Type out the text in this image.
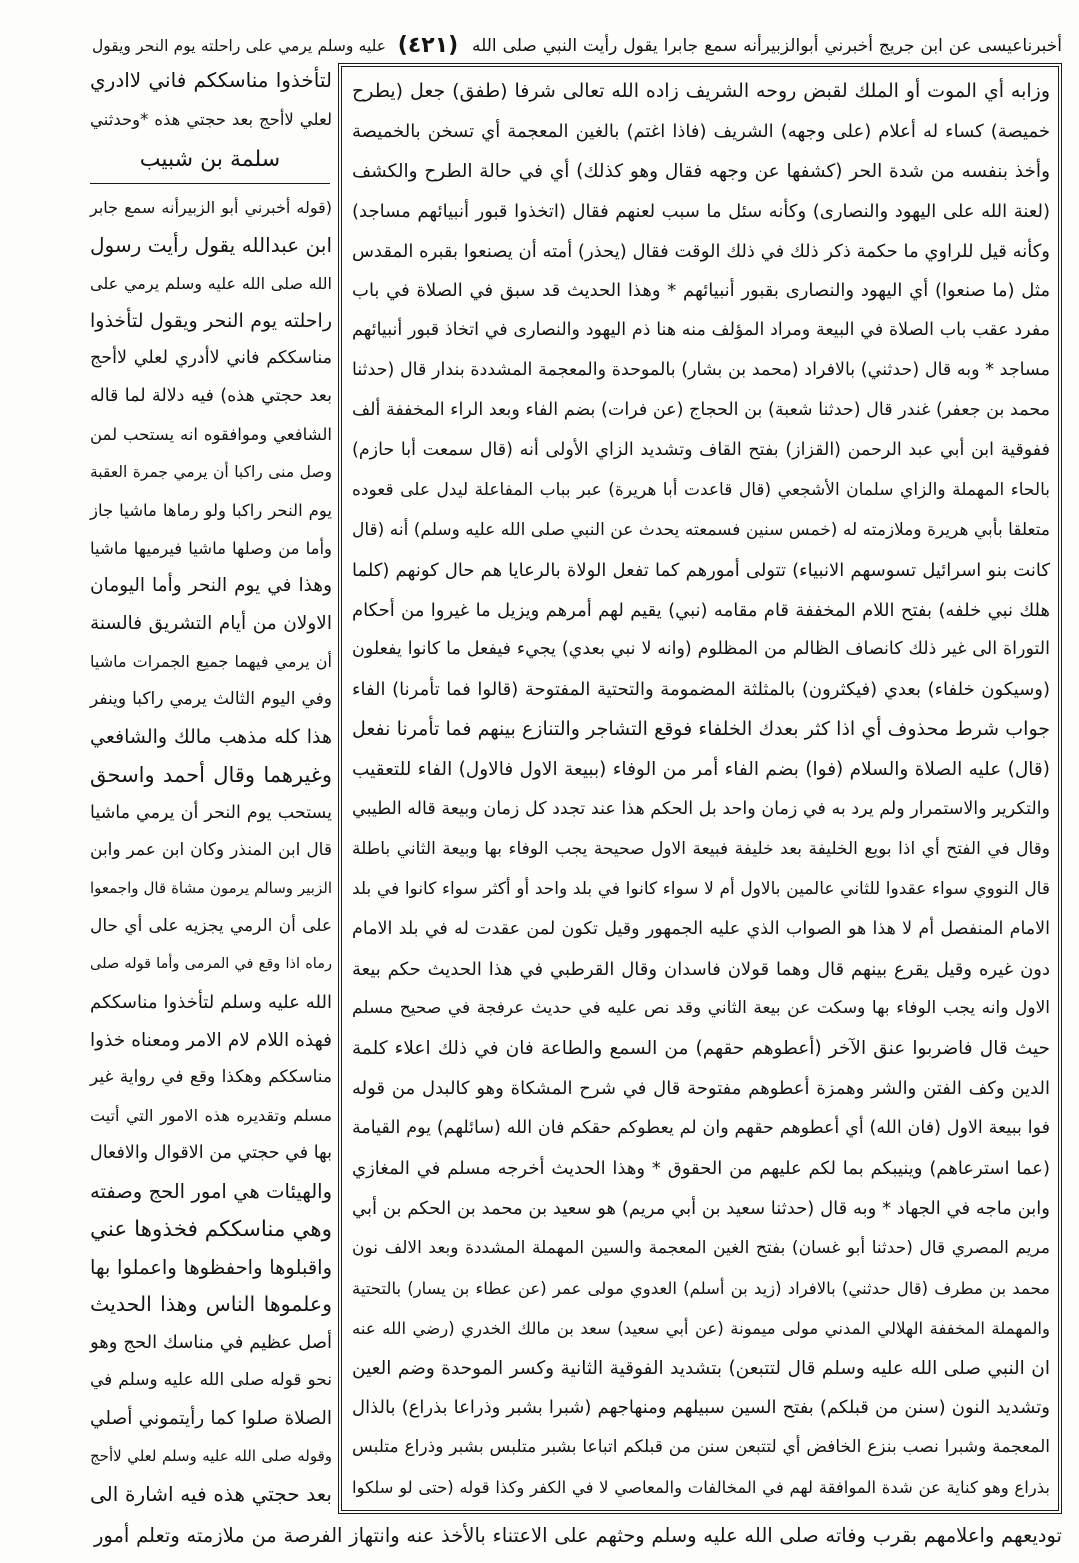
أخبرناعيسى عن ابن جريج أخبرني أبوالزبيرأنه سمع جابرا يقول رأيت النبي صلى الله
(٤٢١)
عليه وسلم يرمي على راحلته يوم النحر ويقول
وزابه أي الموت أو الملك لقبض روحه الشريف زاده الله تعالى شرفا (طفق) جعل (يطرح
خميصة) كساء له أعلام (على وجهه) الشريف (فاذا اغتم) بالغين المعجمة أي تسخن بالخميصة
وأخذ بنفسه من شدة الحر (كشفها عن وجهه فقال وهو كذلك) أي في حالة الطرح والكشف
(لعنة الله على اليهود والنصارى) وكأنه سئل ما سبب لعنهم فقال (اتخذوا قبور أنبيائهم مساجد)
وكأنه قيل للراوي ما حكمة ذكر ذلك في ذلك الوقت فقال (يحذر) أمته أن يصنعوا بقبره المقدس
مثل (ما صنعوا) أي اليهود والنصارى بقبور أنبيائهم * وهذا الحديث قد سبق في الصلاة في باب
مفرد عقب باب الصلاة في البيعة ومراد المؤلف منه هنا ذم اليهود والنصارى في اتخاذ قبور أنبيائهم
مساجد * وبه قال (حدثني) بالافراد (محمد بن بشار) بالموحدة والمعجمة المشددة بندار قال (حدثنا
محمد بن جعفر) غندر قال (حدثنا شعبة) بن الحجاج (عن فرات) بضم الفاء وبعد الراء المخففة ألف
ففوقية ابن أبي عبد الرحمن (القزاز) بفتح القاف وتشديد الزاي الأولى أنه (قال سمعت أبا حازم)
بالحاء المهملة والزاي سلمان الأشجعي (قال قاعدت أبا هريرة) عبر بباب المفاعلة ليدل على قعوده
متعلقا بأبي هريرة وملازمته له (خمس سنين فسمعته يحدث عن النبي صلى الله عليه وسلم) أنه (قال
كانت بنو اسرائيل تسوسهم الانبياء) تتولى أمورهم كما تفعل الولاة بالرعايا هم حال كونهم (كلما
هلك نبي خلفه) بفتح اللام المخففة قام مقامه (نبي) يقيم لهم أمرهم ويزيل ما غيروا من أحكام
التوراة الى غير ذلك كانصاف الظالم من المظلوم (وانه لا نبي بعدي) يجيء فيفعل ما كانوا يفعلون
(وسيكون خلفاء) بعدي (فيكثرون) بالمثلثة المضمومة والتحتية المفتوحة (قالوا فما تأمرنا) الفاء
جواب شرط محذوف أي اذا كثر بعدك الخلفاء فوقع التشاجر والتنازع بينهم فما تأمرنا نفعل
(قال) عليه الصلاة والسلام (فوا) بضم الفاء أمر من الوفاء (ببيعة الاول فالاول) الفاء للتعقيب
والتكرير والاستمرار ولم يرد به في زمان واحد بل الحكم هذا عند تجدد كل زمان وبيعة قاله الطيبي
وقال في الفتح أي اذا بويع الخليفة بعد خليفة فبيعة الاول صحيحة يجب الوفاء بها وبيعة الثاني باطلة
قال النووي سواء عقدوا للثاني عالمين بالاول أم لا سواء كانوا في بلد واحد أو أكثر سواء كانوا في بلد
الامام المنفصل أم لا هذا هو الصواب الذي عليه الجمهور وقيل تكون لمن عقدت له في بلد الامام
دون غيره وقيل يقرع بينهم قال وهما قولان فاسدان وقال القرطبي في هذا الحديث حكم بيعة
الاول وانه يجب الوفاء بها وسكت عن بيعة الثاني وقد نص عليه في حديث عرفجة في صحيح مسلم
حيث قال فاضربوا عنق الآخر (أعطوهم حقهم) من السمع والطاعة فان في ذلك اعلاء كلمة
الدين وكف الفتن والشر وهمزة أعطوهم مفتوحة قال في شرح المشكاة وهو كالبدل من قوله
فوا ببيعة الاول (فان الله) أي أعطوهم حقهم وان لم يعطوكم حقكم فان الله (سائلهم) يوم القيامة
(عما استرعاهم) وينيبكم بما لكم عليهم من الحقوق * وهذا الحديث أخرجه مسلم في المغازي
وابن ماجه في الجهاد * وبه قال (حدثنا سعيد بن أبي مريم) هو سعيد بن محمد بن الحكم بن أبي
مريم المصري قال (حدثنا أبو غسان) بفتح الغين المعجمة والسين المهملة المشددة وبعد الالف نون
محمد بن مطرف (قال حدثني) بالافراد (زيد بن أسلم) العدوي مولى عمر (عن عطاء بن يسار) بالتحتية
والمهملة المخففة الهلالي المدني مولى ميمونة (عن أبي سعيد) سعد بن مالك الخدري (رضي الله عنه
ان النبي صلى الله عليه وسلم قال لتتبعن) بتشديد الفوقية الثانية وكسر الموحدة وضم العين
وتشديد النون (سنن من قبلكم) بفتح السين سبيلهم ومنهاجهم (شبرا بشبر وذراعا بذراع) بالذال
المعجمة وشبرا نصب بنزع الخافض أي لتتبعن سنن من قبلكم اتباعا بشبر متلبس بشبر وذراع متلبس
بذراع وهو كناية عن شدة الموافقة لهم في المخالفات والمعاصي لا في الكفر وكذا قوله (حتى لو سلكوا
لتأخذوا مناسككم فاني لاادري
لعلي لاأحج بعد حجتي هذه *وحدثني
سلمة بن شبيب
(قوله أخبرني أبو الزبيرأنه سمع جابر
ابن عبدالله يقول رأيت رسول
الله صلى الله عليه وسلم يرمي على
راحلته يوم النحر ويقول لتأخذوا
مناسككم فاني لاأدري لعلي لاأحج
بعد حجتي هذه) فيه دلالة لما قاله
الشافعي وموافقوه انه يستحب لمن
وصل منى راكبا أن يرمي جمرة العقبة
يوم النحر راكبا ولو رماها ماشيا جاز
وأما من وصلها ماشيا فيرميها ماشيا
وهذا في يوم النحر وأما اليومان
الاولان من أيام التشريق فالسنة
أن يرمي فيهما جميع الجمرات ماشيا
وفي اليوم الثالث يرمي راكبا وينفر
هذا كله مذهب مالك والشافعي
وغيرهما وقال أحمد واسحق
يستحب يوم النحر أن يرمي ماشيا
قال ابن المنذر وكان ابن عمر وابن
الزبير وسالم يرمون مشاة قال واجمعوا
على أن الرمي يجزيه على أي حال
رماه اذا وقع في المرمى وأما قوله صلى
الله عليه وسلم لتأخذوا مناسككم
فهذه اللام لام الامر ومعناه خذوا
مناسككم وهكذا وقع في رواية غير
مسلم وتقديره هذه الامور التي أتيت
بها في حجتي من الاقوال والافعال
والهيئات هي امور الحج وصفته
وهي مناسككم فخذوها عني
واقبلوها واحفظوها واعملوا بها
وعلموها الناس وهذا الحديث
أصل عظيم في مناسك الحج وهو
نحو قوله صلى الله عليه وسلم في
الصلاة صلوا كما رأيتموني أصلي
وقوله صلى الله عليه وسلم لعلي لاأحج
بعد حجتي هذه فيه اشارة الى
توديعهم واعلامهم بقرب وفاته صلى الله عليه وسلم وحثهم على الاعتناء بالأخذ عنه وانتهاز الفرصة من ملازمته وتعلم أمور
